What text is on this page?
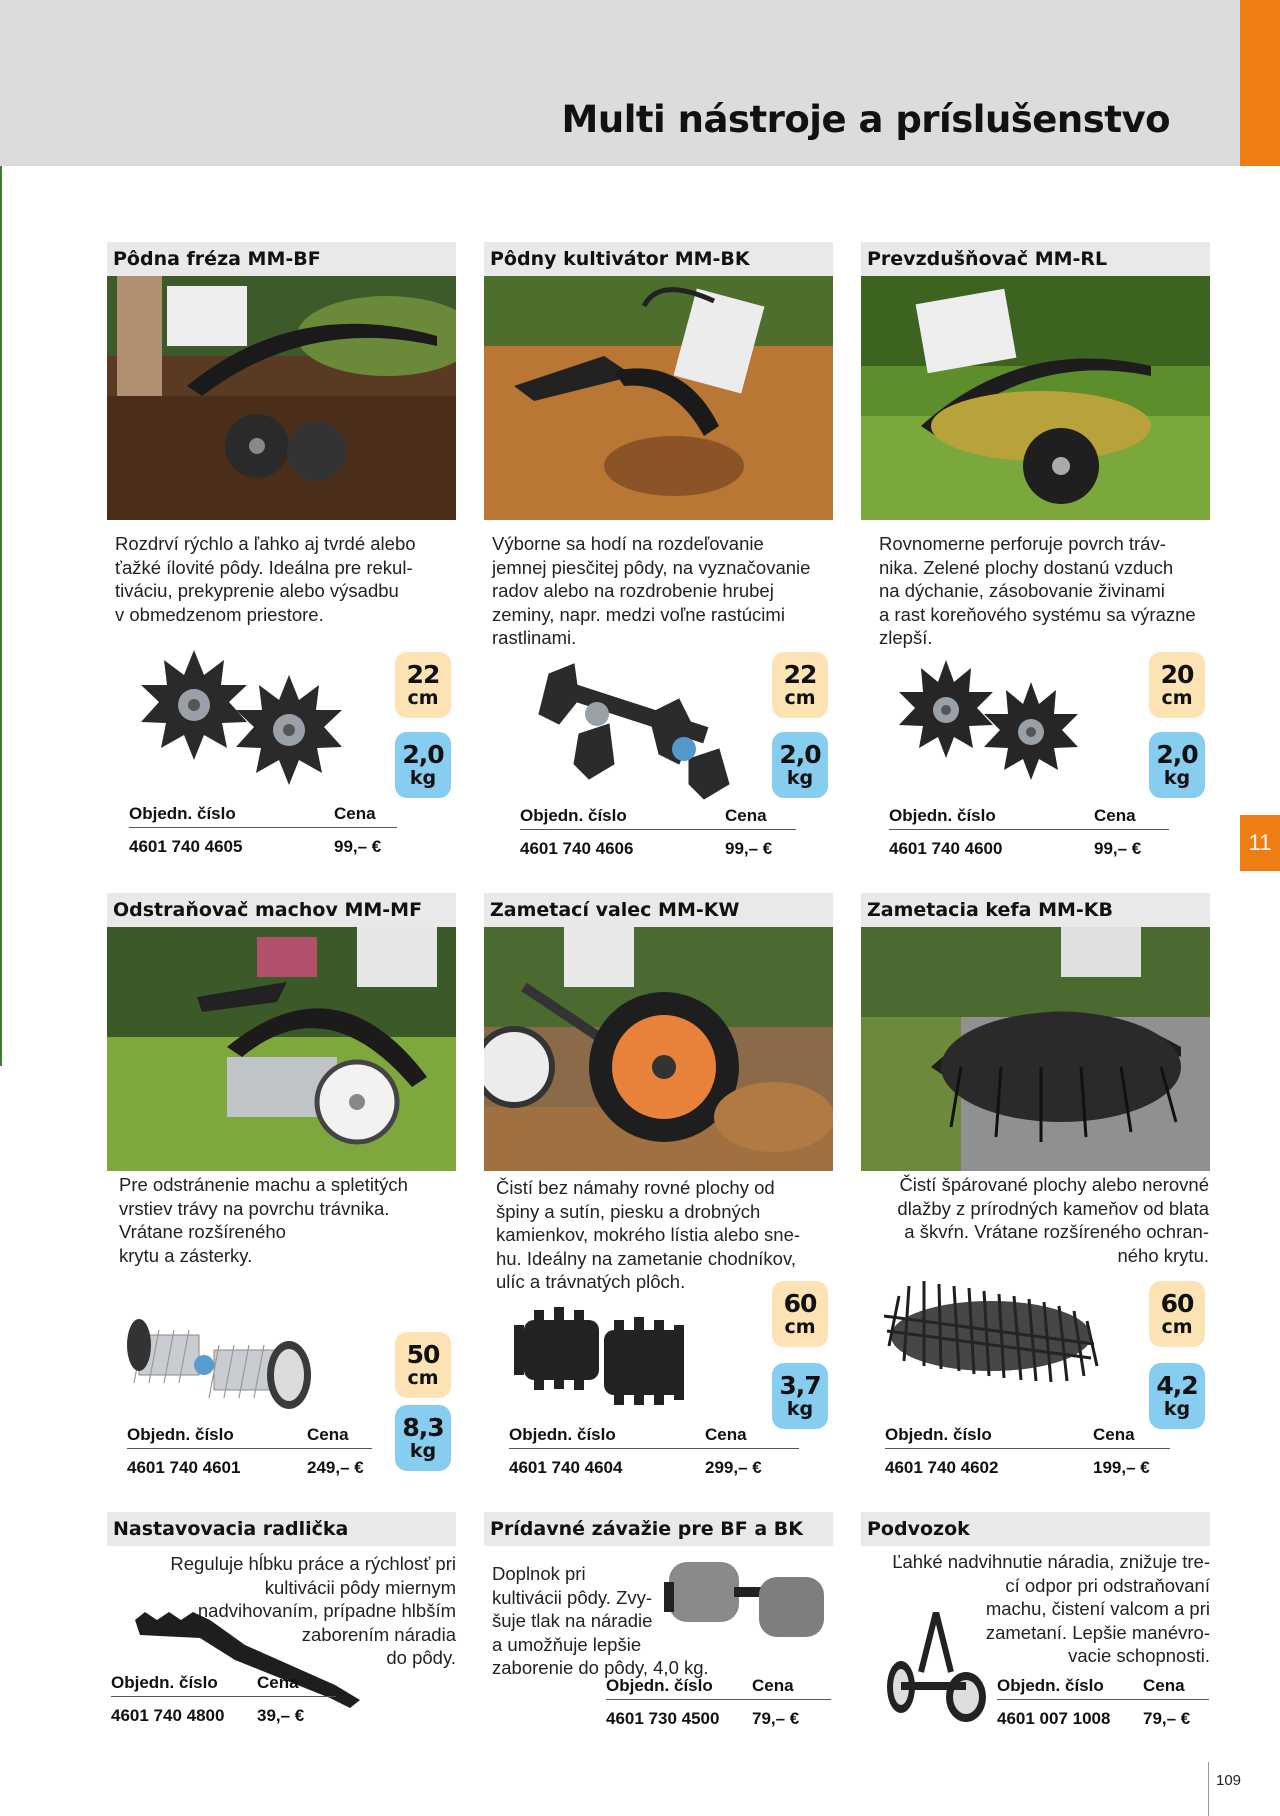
Multi nástroje a príslušenstvo
11
109
Pôdna fréza MM-BF
Rozdrví rýchlo a ľahko aj tvrdé alebo
ťažké ílovité pôdy. Ideálna pre rekul-
tiváciu, prekyprenie alebo výsadbu
v obmedzenom priestore.
22
cm
2,0
kg
Objedn. číslo	Cena
4601 740 4605	99,– €
Pôdny kultivátor MM-BK
Výborne sa hodí na rozdeľovanie
jemnej piesčitej pôdy, na vyznačovanie
radov alebo na rozdrobenie hrubej
zeminy, napr. medzi voľne rastúcimi
rastlinami.
22
cm
2,0
kg
Objedn. číslo	Cena
4601 740 4606	99,– €
Prevzdušňovač MM-RL
Rovnomerne perforuje povrch tráv-
nika. Zelené plochy dostanú vzduch
na dýchanie, zásobovanie živinami
a rast koreňového systému sa výrazne
zlepší.
20
cm
2,0
kg
Objedn. číslo	Cena
4601 740 4600	99,– €
Odstraňovač machov MM-MF
Pre odstránenie machu a spletitých
vrstiev trávy na povrchu trávnika.
Vrátane rozšíreného
krytu a zásterky.
50
cm
8,3
kg
Objedn. číslo	Cena
4601 740 4601	249,– €
Zametací valec MM-KW
Čistí bez námahy rovné plochy od
špiny a sutín, piesku a drobných
kamienkov, mokrého lístia alebo sne-
hu. Ideálny na zametanie chodníkov,
ulíc a trávnatých plôch.
60
cm
3,7
kg
Objedn. číslo	Cena
4601 740 4604	299,– €
Zametacia kefa MM-KB
Čistí špárované plochy alebo nerovné
dlažby z prírodných kameňov od blata
a škvŕn. Vrátane rozšíreného ochran-
ného krytu.
60
cm
4,2
kg
Objedn. číslo	Cena
4601 740 4602	199,– €
Nastavovacia radlička
Reguluje hĺbku práce a rýchlosť pri
kultivácii pôdy miernym
nadvihovaním, prípadne hlbším
zaborením náradia
do pôdy.
Objedn. číslo	Cena
4601 740 4800	39,– €
Prídavné závažie pre BF a BK
Doplnok pri
kultivácii pôdy. Zvy-
šuje tlak na náradie
a umožňuje lepšie
zaborenie do pôdy, 4,0 kg.
Objedn. číslo	Cena
4601 730 4500	79,– €
Podvozok
Ľahké nadvihnutie náradia, znižuje tre-
cí odpor pri odstraňovaní
machu, čistení valcom a pri
zametaní. Lepšie manévro-
vacie schopnosti.
Objedn. číslo	Cena
4601 007 1008	79,– €
